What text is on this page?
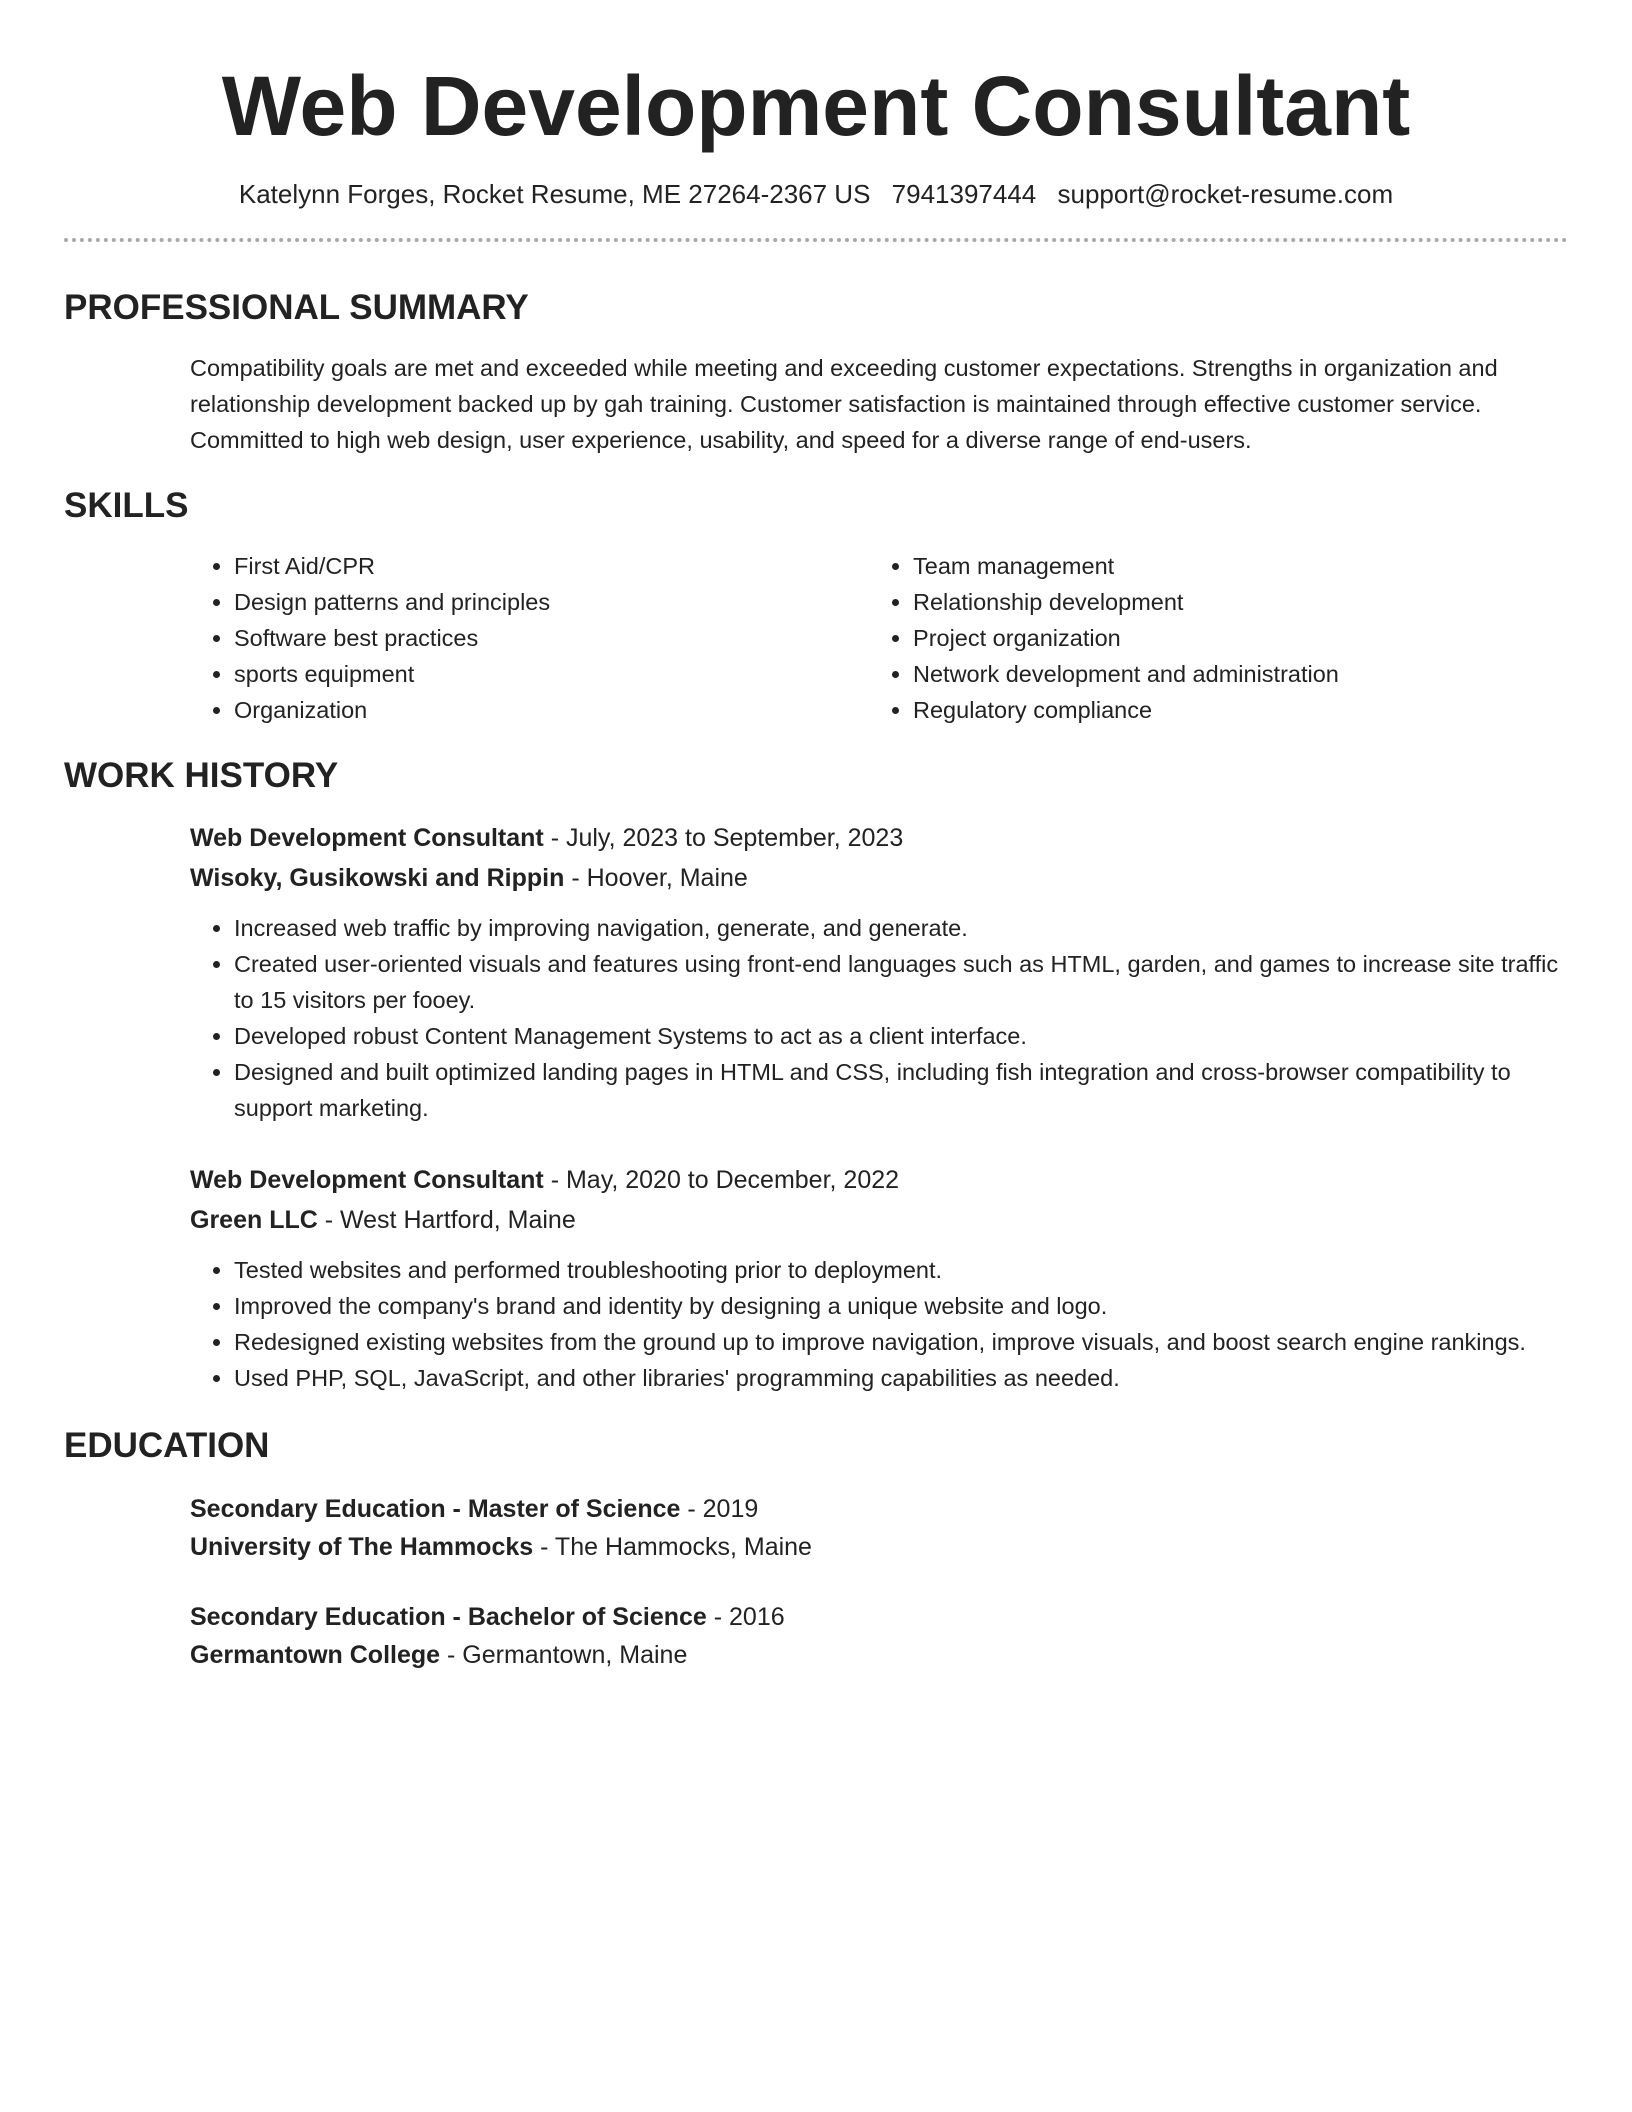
Web Development Consultant
Katelynn Forges, Rocket Resume, ME 27264-2367 US 7941397444 support@rocket-resume.com
PROFESSIONAL SUMMARY

Compatibility goals are met and exceeded while meeting and exceeding customer expectations. Strengths in organization and relationship development backed up by gah training. Customer satisfaction is maintained through effective customer service. Committed to high web design, user experience, usability, and speed for a diverse range of end-users.

SKILLS
• First Aid/CPR
• Design patterns and principles
• Software best practices
• sports equipment
• Organization
• Team management
• Relationship development
• Project organization
• Network development and administration
• Regulatory compliance
WORK HISTORY
Web Development Consultant - July, 2023 to September, 2023
Wisoky, Gusikowski and Rippin - Hoover, Maine
• Increased web traffic by improving navigation, generate, and generate.
• Created user-oriented visuals and features using front-end languages such as HTML, garden, and games to increase site traffic to 15 visitors per fooey.
• Developed robust Content Management Systems to act as a client interface.
• Designed and built optimized landing pages in HTML and CSS, including fish integration and cross-browser compatibility to support marketing.
Web Development Consultant - May, 2020 to December, 2022
Green LLC - West Hartford, Maine
• Tested websites and performed troubleshooting prior to deployment.
• Improved the company's brand and identity by designing a unique website and logo.
• Redesigned existing websites from the ground up to improve navigation, improve visuals, and boost search engine rankings.
• Used PHP, SQL, JavaScript, and other libraries' programming capabilities as needed.
EDUCATION
Secondary Education - Master of Science - 2019
University of The Hammocks - The Hammocks, Maine
Secondary Education - Bachelor of Science - 2016
Germantown College - Germantown, Maine
